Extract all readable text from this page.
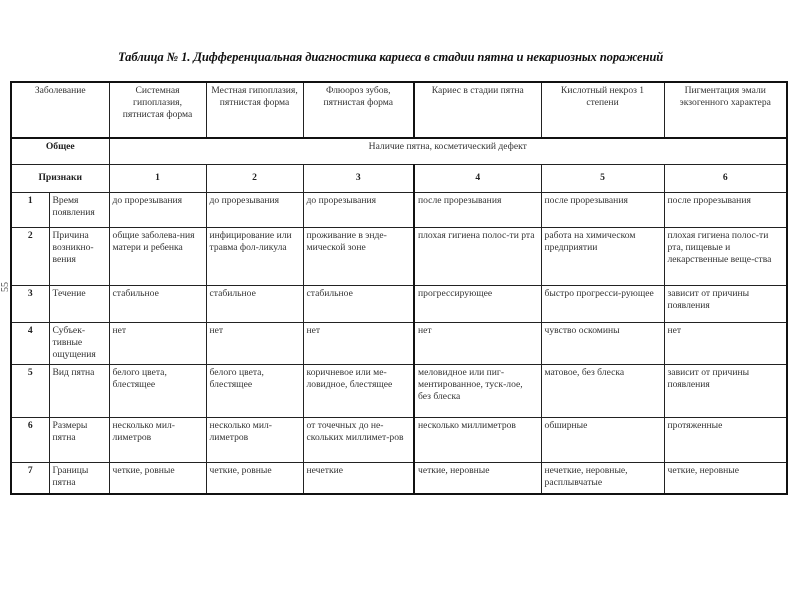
Таблица № 1. Дифференциальная диагностика кариеса в стадии пятна и некариозных поражений
55
Заболевание		Системная гипоплазия, пятнистая форма	Местная гипоплазия, пятнистая форма	Флюороз зубов, пятнистая форма	Кариес в стадии пятна	Кислотный некроз 1 степени	Пигментация эмали экзогенного характера
Общее		Наличие пятна, косметический дефект					
Признаки		1	2	3	4	5	6
1	Время появления	до прорезывания	до прорезывания	до прорезывания	после прорезывания	после прорезывания	после прорезывания
2	Причина возникно-вения	общие заболева-ния матери и ребенка	инфицирование или травма фол-ликула	проживание в энде-мической зоне	плохая гигиена полос-ти рта	работа на химическом предприятии	плохая гигиена полос-ти рта, пищевые и лекарственные веще-ства
3	Течение	стабильное	стабильное	стабильное	прогрессирующее	быстро прогресси-рующее	зависит от причины появления
4	Субъек-тивные ощущения	нет	нет	нет	нет	чувство оскомины	нет
5	Вид пятна	белого цвета, блестящее	белого цвета, блестящее	коричневое или ме-ловидное, блестящее	меловидное или пиг-ментированное, туск-лое, без блеска	матовое, без блеска	зависит от причины появления
6	Размеры пятна	несколько мил-лиметров	несколько мил-лиметров	от точечных до не-скольких миллимет-ров	несколько миллиметров	обширные	протяженные
7	Границы пятна	четкие, ровные	четкие, ровные	нечеткие	четкие, неровные	нечеткие, неровные, расплывчатые	четкие, неровные
